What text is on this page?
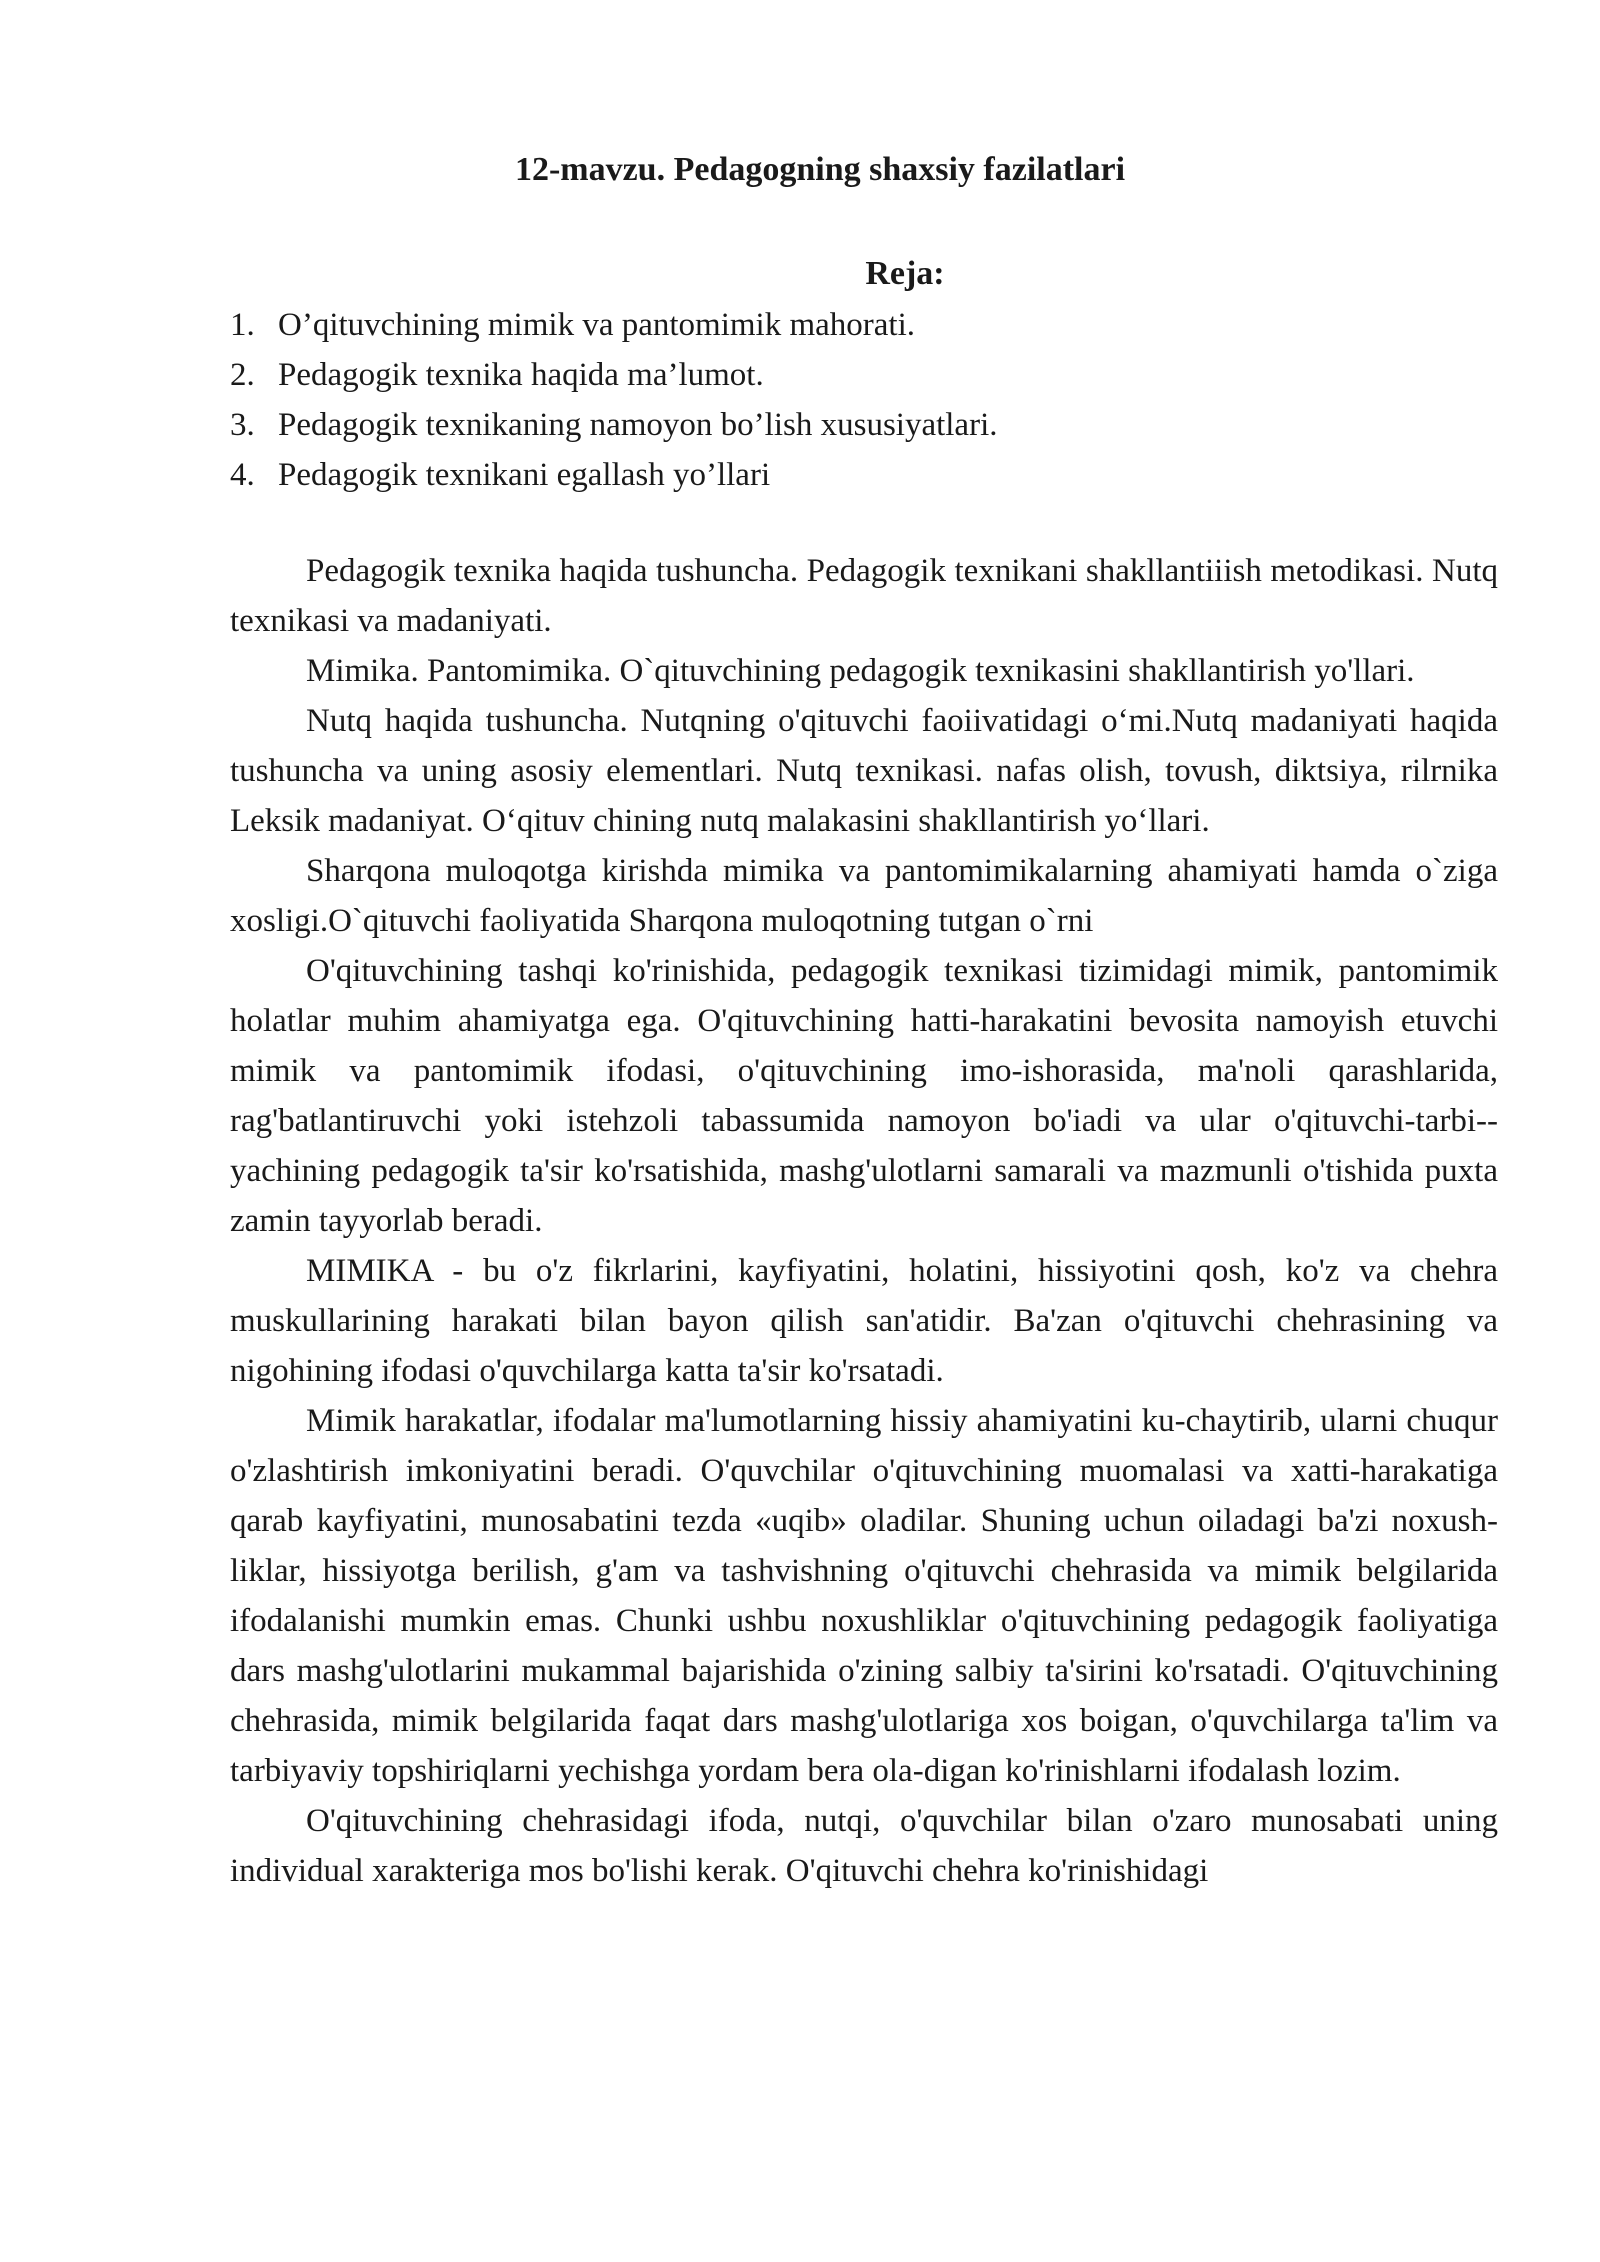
12-mavzu. Pedagogning shaxsiy fazilatlari
Reja:
1. O’qituvchining mimik va pantomimik mahorati.
2. Pedagogik texnika haqida ma’lumot.
3. Pedagogik texnikaning namoyon bo’lish xususiyatlari.
4. Pedagogik texnikani egallash yo’llari

Pedagogik texnika haqida tushuncha. Pedagogik texnikani shakllantiiish metodikasi. Nutq texnikasi va madaniyati.

Mimika. Pantomimika. O`qituvchining pedagogik texnikasini shakllantirish yo'llari.

Nutq haqida tushuncha. Nutqning o'qituvchi faoiivatidagi o‘mi.Nutq madaniyati haqida tushuncha va uning asosiy elementlari. Nutq texnikasi. nafas olish, tovush, diktsiya, rilrnika Leksik madaniyat. O‘qituv chining nutq malakasini shakllantirish yo‘llari.

Sharqona muloqotga kirishda mimika va pantomimikalarning ahamiyati hamda o`ziga xosligi.O`qituvchi faoliyatida Sharqona muloqotning tutgan o`rni

O'qituvchining tashqi ko'rinishida, pedagogik texnikasi tizimidagi mimik, pantomimik holatlar muhim ahamiyatga ega. O'qituvchining hatti-harakatini bevosita namoyish etuvchi mimik va pantomimik ifodasi, o'qituvchining imo-ishorasida, ma'noli qarashlarida, rag'batlantiruvchi yoki istehzoli tabassumida namoyon bo'iadi va ular o'qituvchi-tarbi--yachining pedagogik ta'sir ko'rsatishida, mashg'ulotlarni samarali va mazmunli o'tishida puxta zamin tayyorlab beradi.

MIMIKA - bu o'z fikrlarini, kayfiyatini, holatini, hissiyotini qosh, ko'z va chehra muskullarining harakati bilan bayon qilish san'atidir. Ba'zan o'qituvchi chehrasining va nigohining ifodasi o'quvchilarga katta ta'sir ko'rsatadi.

Mimik harakatlar, ifodalar ma'lumotlarning hissiy ahamiyatini ku-chaytirib, ularni chuqur o'zlashtirish imkoniyatini beradi. O'quvchilar o'qituvchining muomalasi va xatti-harakatiga qarab kayfiyatini, munosabatini tezda «uqib» oladilar. Shuning uchun oiladagi ba'zi noxush-liklar, hissiyotga berilish, g'am va tashvishning o'qituvchi chehrasida va mimik belgilarida ifodalanishi mumkin emas. Chunki ushbu noxushliklar o'qituvchining pedagogik faoliyatiga dars mashg'ulotlarini mukammal bajarishida o'zining salbiy ta'sirini ko'rsatadi. O'qituvchining chehrasida, mimik belgilarida faqat dars mashg'ulotlariga xos boigan, o'quvchilarga ta'lim va tarbiyaviy topshiriqlarni yechishga yordam bera ola-digan ko'rinishlarni ifodalash lozim.

O'qituvchining chehrasidagi ifoda, nutqi, o'quvchilar bilan o'zaro munosabati uning individual xarakteriga mos bo'lishi kerak. O'qituvchi chehra ko'rinishidagi
